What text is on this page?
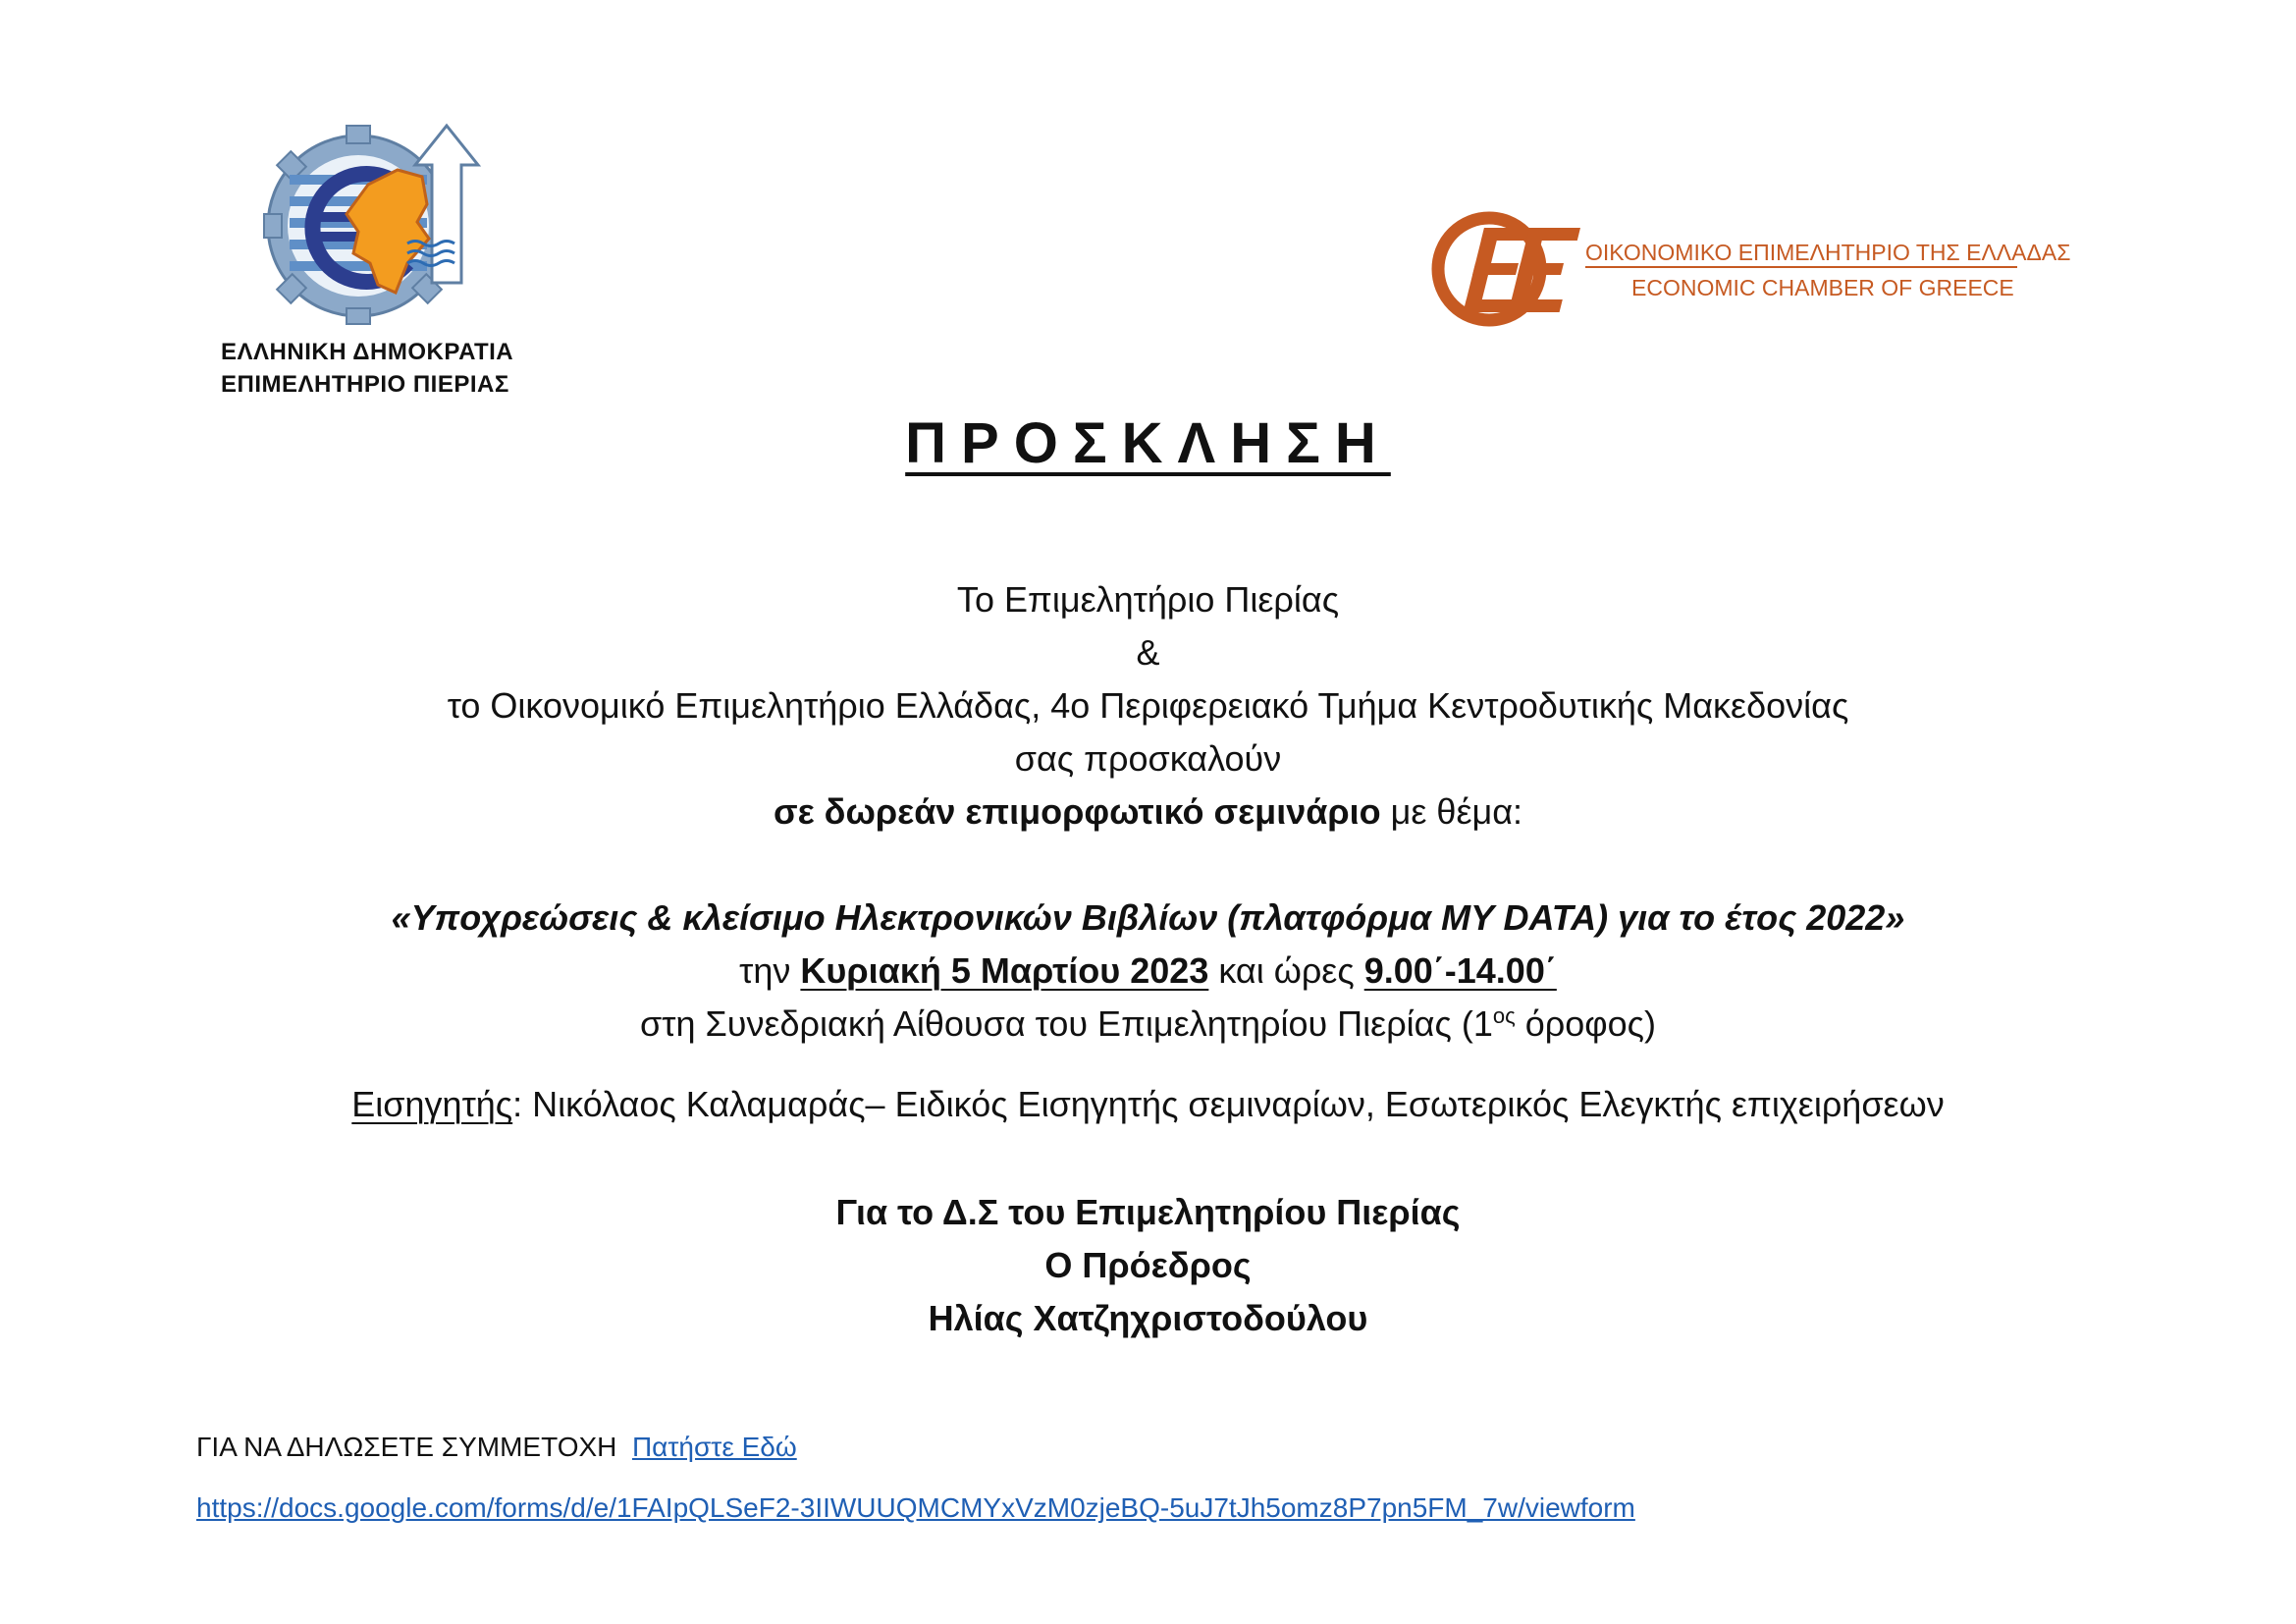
ΕΛΛΗΝΙΚΗ ΔΗΜΟΚΡΑΤΙΑ
ΕΠΙΜΕΛΗΤΗΡΙΟ ΠΙΕΡΙΑΣ
ΟΙΚΟΝΟΜΙΚΟ ΕΠΙΜΕΛΗΤΗΡΙΟ ΤΗΣ ΕΛΛΑΔΑΣ
ECONOMIC CHAMBER OF GREECE
ΠΡΟΣΚΛΗΣΗ
Το Επιμελητήριο Πιερίας
&
το Οικονομικό Επιμελητήριο Ελλάδας, 4ο Περιφερειακό Τμήμα Κεντροδυτικής Μακεδονίας
σας προσκαλούν
σε δωρεάν επιμορφωτικό σεμινάριο με θέμα:
«Υποχρεώσεις & κλείσιμο Ηλεκτρονικών Βιβλίων (πλατφόρμα MY DATA) για το έτος 2022»
την Κυριακή 5 Μαρτίου 2023 και ώρες 9.00΄-14.00΄
στη Συνεδριακή Αίθουσα του Επιμελητηρίου Πιερίας ($1^{o\varsigma}$ όροφος)
Εισηγητής: Νικόλαος Καλαμαράς– Ειδικός Εισηγητής σεμιναρίων, Εσωτερικός Ελεγκτής επιχειρήσεων
Για το Δ.Σ του Επιμελητηρίου Πιερίας
Ο Πρόεδρος
Ηλίας Χατζηχριστοδούλου
ΓΙΑ ΝΑ ΔΗΛΩΣΕΤΕ ΣΥΜΜΕΤΟΧΗ Πατήστε Εδώ
https://docs.google.com/forms/d/e/1FAIpQLSeF2-3IIWUUQMCMYxVzM0zjeBQ-5uJ7tJh5omz8P7pn5FM_7w/viewform
